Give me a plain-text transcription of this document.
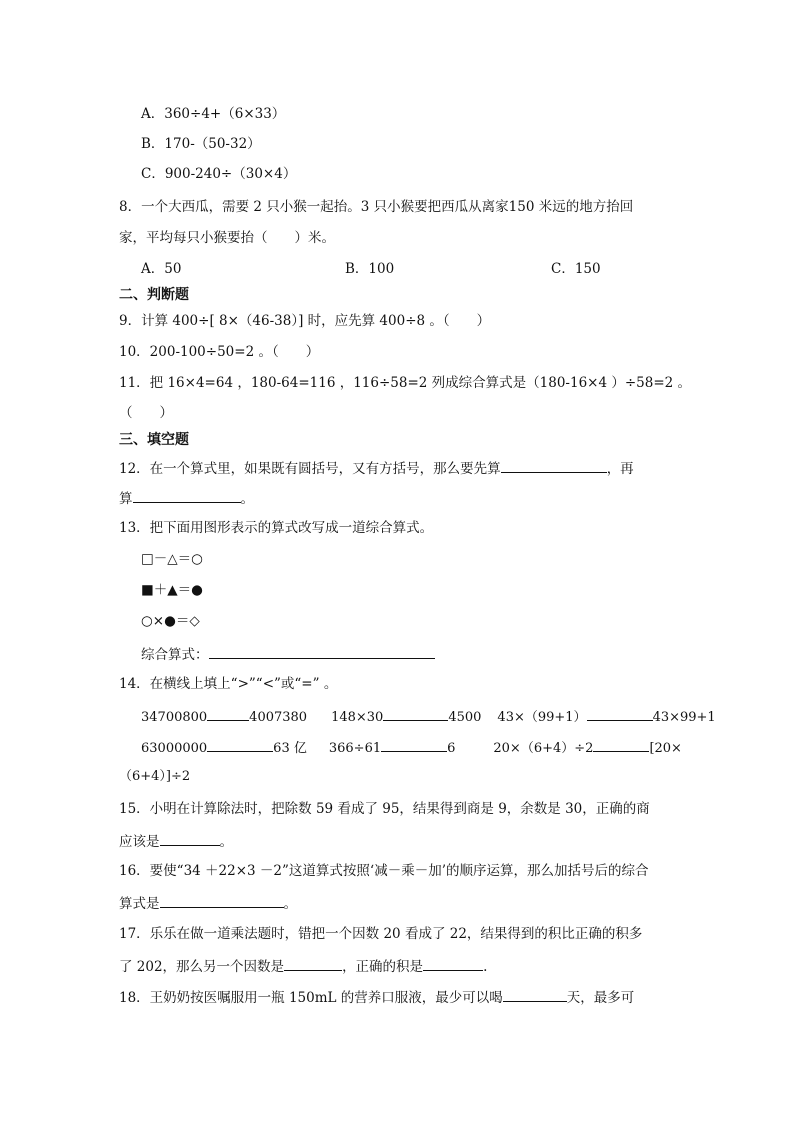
A．360÷4+（6×33）
B．170-（50-32）
C．900-240÷（30×4）
8．一个大西瓜，需要 2 只小猴一起抬。3 只小猴要把西瓜从离家150 米远的地方抬回
家，平均每只小猴要抬（　　）米。
A．50	B．100	C．150
二、判断题
9．计算 400÷[ 8×（46-38）] 时，应先算 400÷8 。（　　）
10．200-100÷50=2 。（　　）
11．把 16×4=64 ，180-64=116 ，116÷58=2 列成综合算式是（180-16×4 ）÷58=2 。
（　　）
三、填空题
12．在一个算式里，如果既有圆括号，又有方括号，那么要先算	，再
算	。
13．把下面用图形表示的算式改写成一道综合算式。
□－△＝○
■＋▲＝●
○×●＝◇
综合算式：
14．在横线上填上“>”“<”或“=” 。
34700800	4007380 148×30	4500 43×（99+1）	43×99+1
63000000	63 亿 366÷61	6	20×（6+4）÷2	[20×
（6+4）]÷2
15．小明在计算除法时，把除数 59 看成了 95，结果得到商是 9，余数是 30，正确的商
应该是	。
16．要使“34 ＋22×3 －2”这道算式按照‘减－乘－加’的顺序运算，那么加括号后的综合
算式是	。
17．乐乐在做一道乘法题时，错把一个因数 20 看成了 22，结果得到的积比正确的积多
了 202，那么另一个因数是	，正确的积是	.
18．王奶奶按医嘱服用一瓶 150mL 的营养口服液，最少可以喝	天，最多可
